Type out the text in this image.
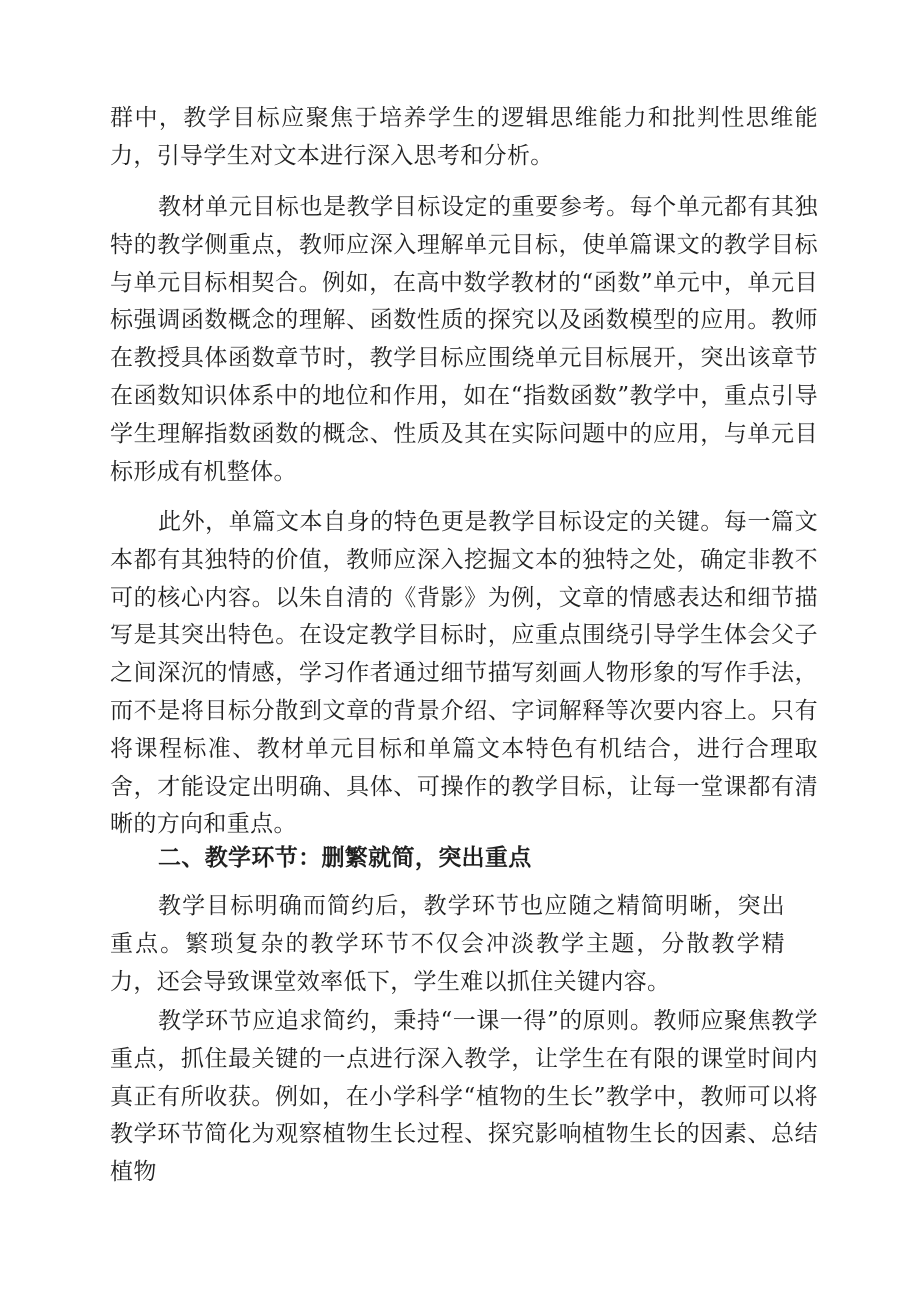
群中，教学目标应聚焦于培养学生的逻辑思维能力和批判性思维能力，引导学生对文本进行深入思考和分析。

教材单元目标也是教学目标设定的重要参考。每个单元都有其独特的教学侧重点，教师应深入理解单元目标，使单篇课文的教学目标与单元目标相契合。例如，在高中数学教材的“函数”单元中，单元目标强调函数概念的理解、函数性质的探究以及函数模型的应用。教师在教授具体函数章节时，教学目标应围绕单元目标展开，突出该章节在函数知识体系中的地位和作用，如在“指数函数”教学中，重点引导学生理解指数函数的概念、性质及其在实际问题中的应用，与单元目标形成有机整体。

此外，单篇文本自身的特色更是教学目标设定的关键。每一篇文本都有其独特的价值，教师应深入挖掘文本的独特之处，确定非教不可的核心内容。以朱自清的《背影》为例，文章的情感表达和细节描写是其突出特色。在设定教学目标时，应重点围绕引导学生体会父子之间深沉的情感，学习作者通过细节描写刻画人物形象的写作手法，而不是将目标分散到文章的背景介绍、字词解释等次要内容上。只有将课程标准、教材单元目标和单篇文本特色有机结合，进行合理取舍，才能设定出明确、具体、可操作的教学目标，让每一堂课都有清晰的方向和重点。

二、教学环节：删繁就简，突出重点

教学目标明确而简约后，教学环节也应随之精简明晰，突出重点。繁琐复杂的教学环节不仅会冲淡教学主题，分散教学精力，还会导致课堂效率低下，学生难以抓住关键内容。

教学环节应追求简约，秉持“一课一得”的原则。教师应聚焦教学重点，抓住最关键的一点进行深入教学，让学生在有限的课堂时间内真正有所收获。例如，在小学科学“植物的生长”教学中，教师可以将教学环节简化为观察植物生长过程、探究影响植物生长的因素、总结植物
